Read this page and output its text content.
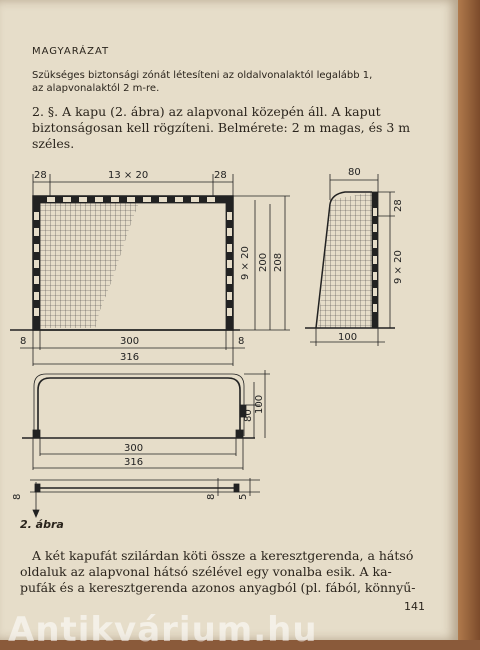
MAGYARÁZAT
Szükséges biztonsági zónát létesíteni az oldalvonalaktól legalább 1,
az alapvonalaktól 2 m-re.
2. §. A kapu (2. ábra) az alapvonal közepén áll. A kaput
biztonságosan kell rögzíteni. Belmérete: 2 m magas, és 3 m
széles.
28	13 × 20	28
9 × 20 200 208
8	300	8
316
80
28
9 × 20
100
100
80
300
316
8	8 5
2. ábra
A két kapufát szilárdan köti össze a keresztgerenda, a hátsó
oldaluk az alapvonal hátsó szélével egy vonalba esik. A ka-
pufák és a keresztgerenda azonos anyagból (pl. fából, könnyű-
141
Antikvárium.hu
